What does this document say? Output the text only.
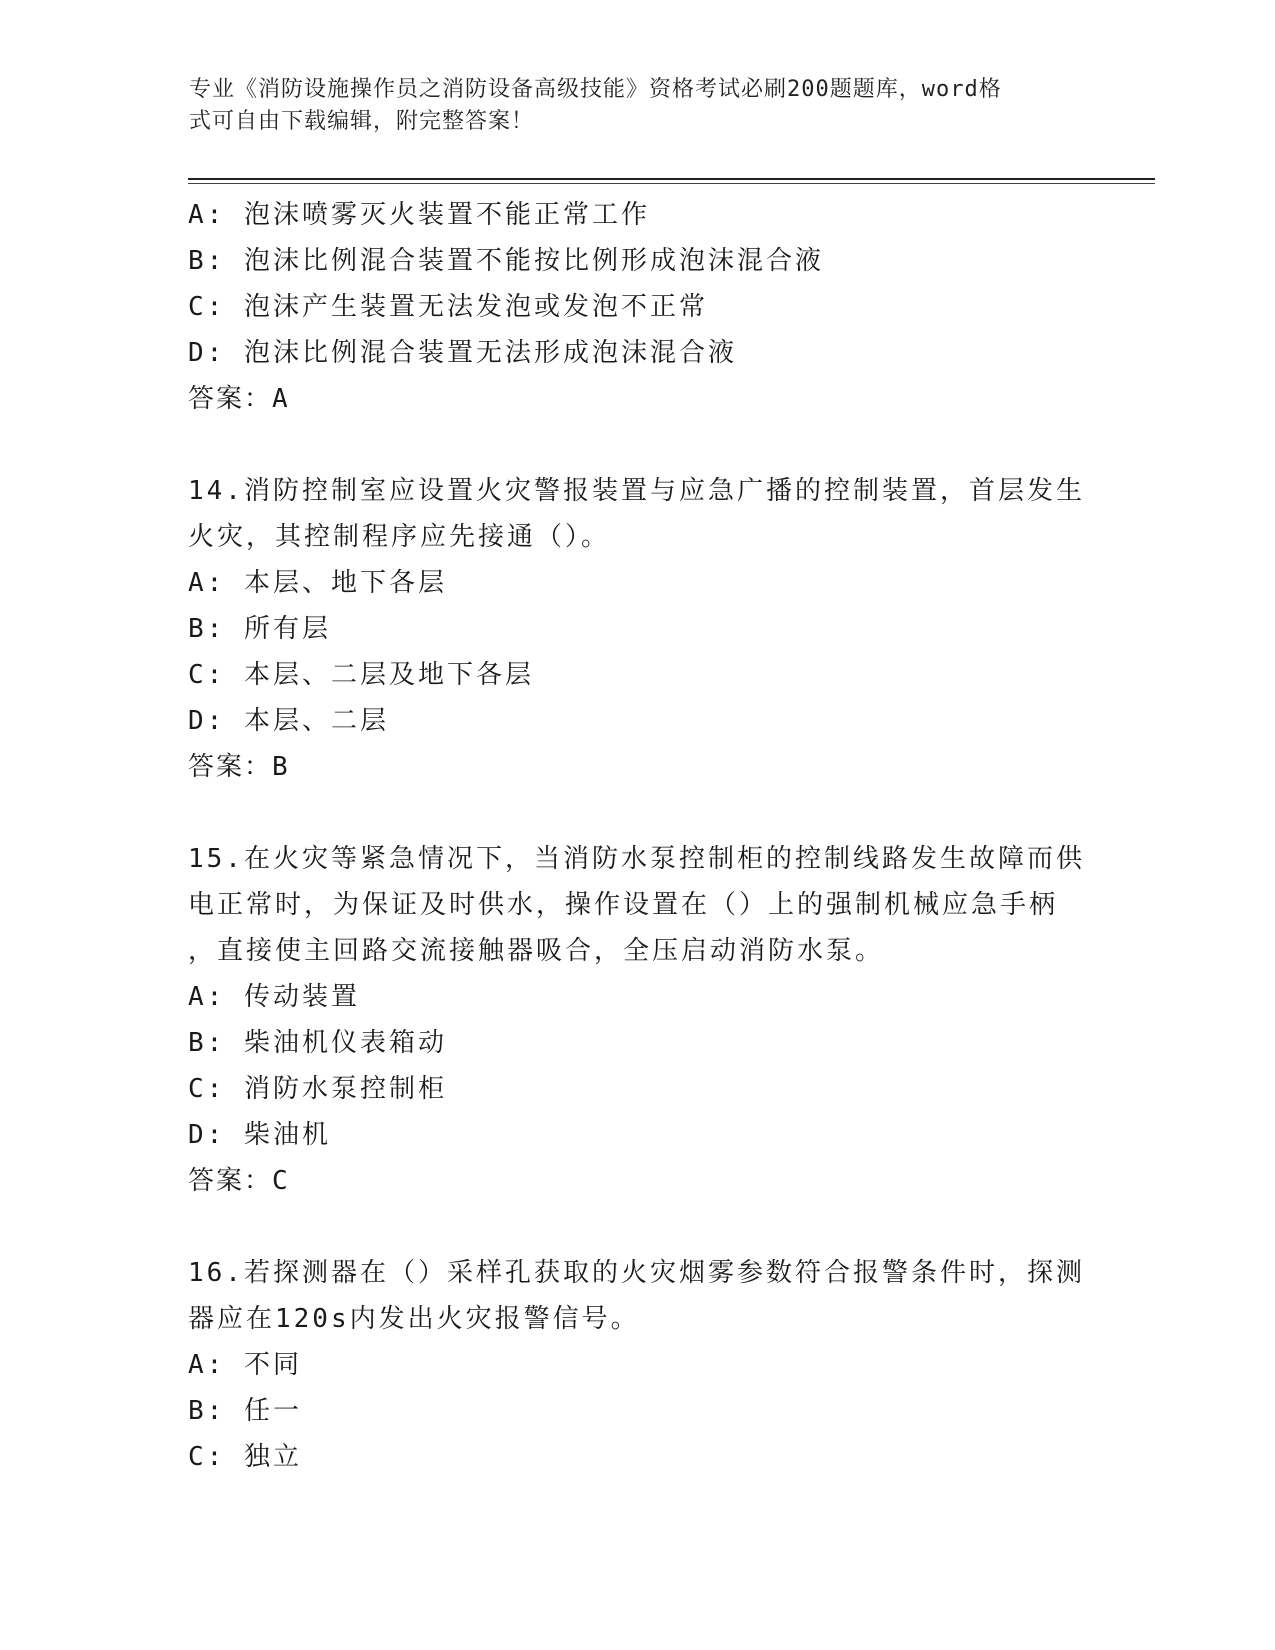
专业《消防设施操作员之消防设备高级技能》资格考试必刷200题题库，word格
式可自由下载编辑，附完整答案！
A: 泡沫喷雾灭火装置不能正常工作
B: 泡沫比例混合装置不能按比例形成泡沫混合液
C: 泡沫产生装置无法发泡或发泡不正常
D: 泡沫比例混合装置无法形成泡沫混合液
答案：A
14.消防控制室应设置火灾警报装置与应急广播的控制装置，首层发生
火灾，其控制程序应先接通（）。
A: 本层、地下各层
B: 所有层
C: 本层、二层及地下各层
D: 本层、二层
答案：B
15.在火灾等紧急情况下，当消防水泵控制柜的控制线路发生故障而供
电正常时，为保证及时供水，操作设置在（）上的强制机械应急手柄
，直接使主回路交流接触器吸合，全压启动消防水泵。
A: 传动装置
B: 柴油机仪表箱动
C: 消防水泵控制柜
D: 柴油机
答案：C
16.若探测器在（）采样孔获取的火灾烟雾参数符合报警条件时，探测
器应在120s内发出火灾报警信号。
A: 不同
B: 任一
C: 独立
